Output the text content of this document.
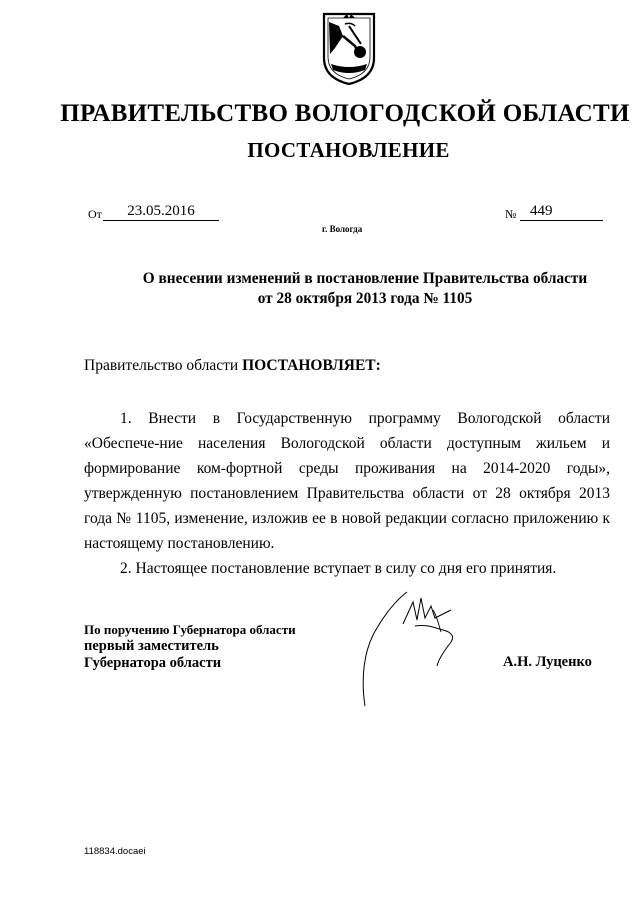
ПРАВИТЕЛЬСТВО ВОЛОГОДСКОЙ ОБЛАСТИ
ПОСТАНОВЛЕНИЕ
От	23.05.2016	№ 449
г. Вологда
О внесении изменений в постановление Правительства области
от 28 октября 2013 года № 1105
Правительство области ПОСТАНОВЛЯЕТ:

1. Внести в Государственную программу Вологодской области «Обеспече-ние населения Вологодской области доступным жильем и формирование ком-фортной среды проживания на 2014-2020 годы», утвержденную постановлением Правительства области от 28 октября 2013 года № 1105, изменение, изложив ее в новой редакции согласно приложению к настоящему постановлению.

2. Настоящее постановление вступает в силу со дня его принятия.

По поручению Губернатора области
первый заместитель
Губернатора области	А.Н. Луценко
118834.docaei
